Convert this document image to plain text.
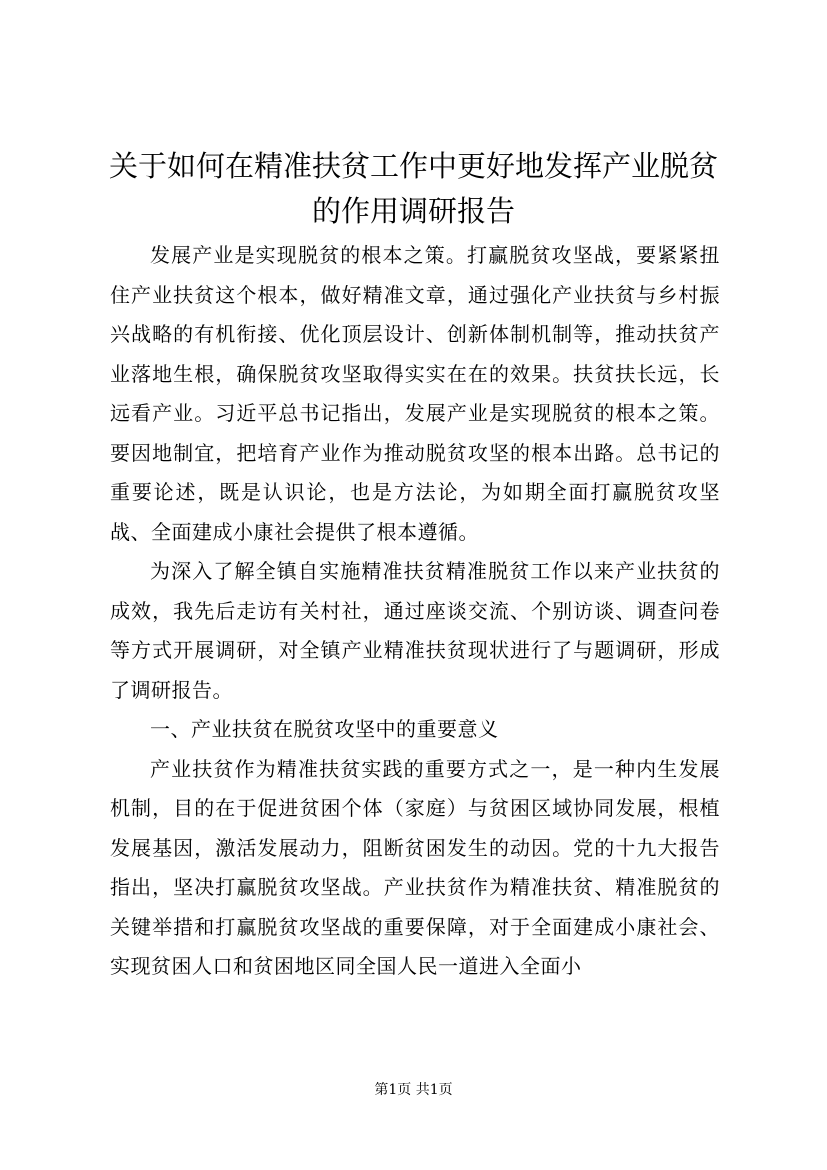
关于如何在精准扶贫工作中更好地发挥产业脱贫的作用调研报告

发展产业是实现脱贫的根本之策。打赢脱贫攻坚战，要紧紧扭住产业扶贫这个根本，做好精准文章，通过强化产业扶贫与乡村振兴战略的有机衔接、优化顶层设计、创新体制机制等，推动扶贫产业落地生根，确保脱贫攻坚取得实实在在的效果。扶贫扶长远，长远看产业。习近平总书记指出，发展产业是实现脱贫的根本之策。要因地制宜，把培育产业作为推动脱贫攻坚的根本出路。总书记的重要论述，既是认识论，也是方法论，为如期全面打赢脱贫攻坚战、全面建成小康社会提供了根本遵循。

为深入了解全镇自实施精准扶贫精准脱贫工作以来产业扶贫的成效，我先后走访有关村社，通过座谈交流、个别访谈、调查问卷等方式开展调研，对全镇产业精准扶贫现状进行了与题调研，形成了调研报告。

一、产业扶贫在脱贫攻坚中的重要意义

产业扶贫作为精准扶贫实践的重要方式之一，是一种内生发展机制，目的在于促进贫困个体（家庭）与贫困区域协同发展，根植发展基因，激活发展动力，阻断贫困发生的动因。党的十九大报告指出，坚决打赢脱贫攻坚战。产业扶贫作为精准扶贫、精准脱贫的关键举措和打赢脱贫攻坚战的重要保障，对于全面建成小康社会、实现贫困人口和贫困地区同全国人民一道进入全面小

第1页 共1页
